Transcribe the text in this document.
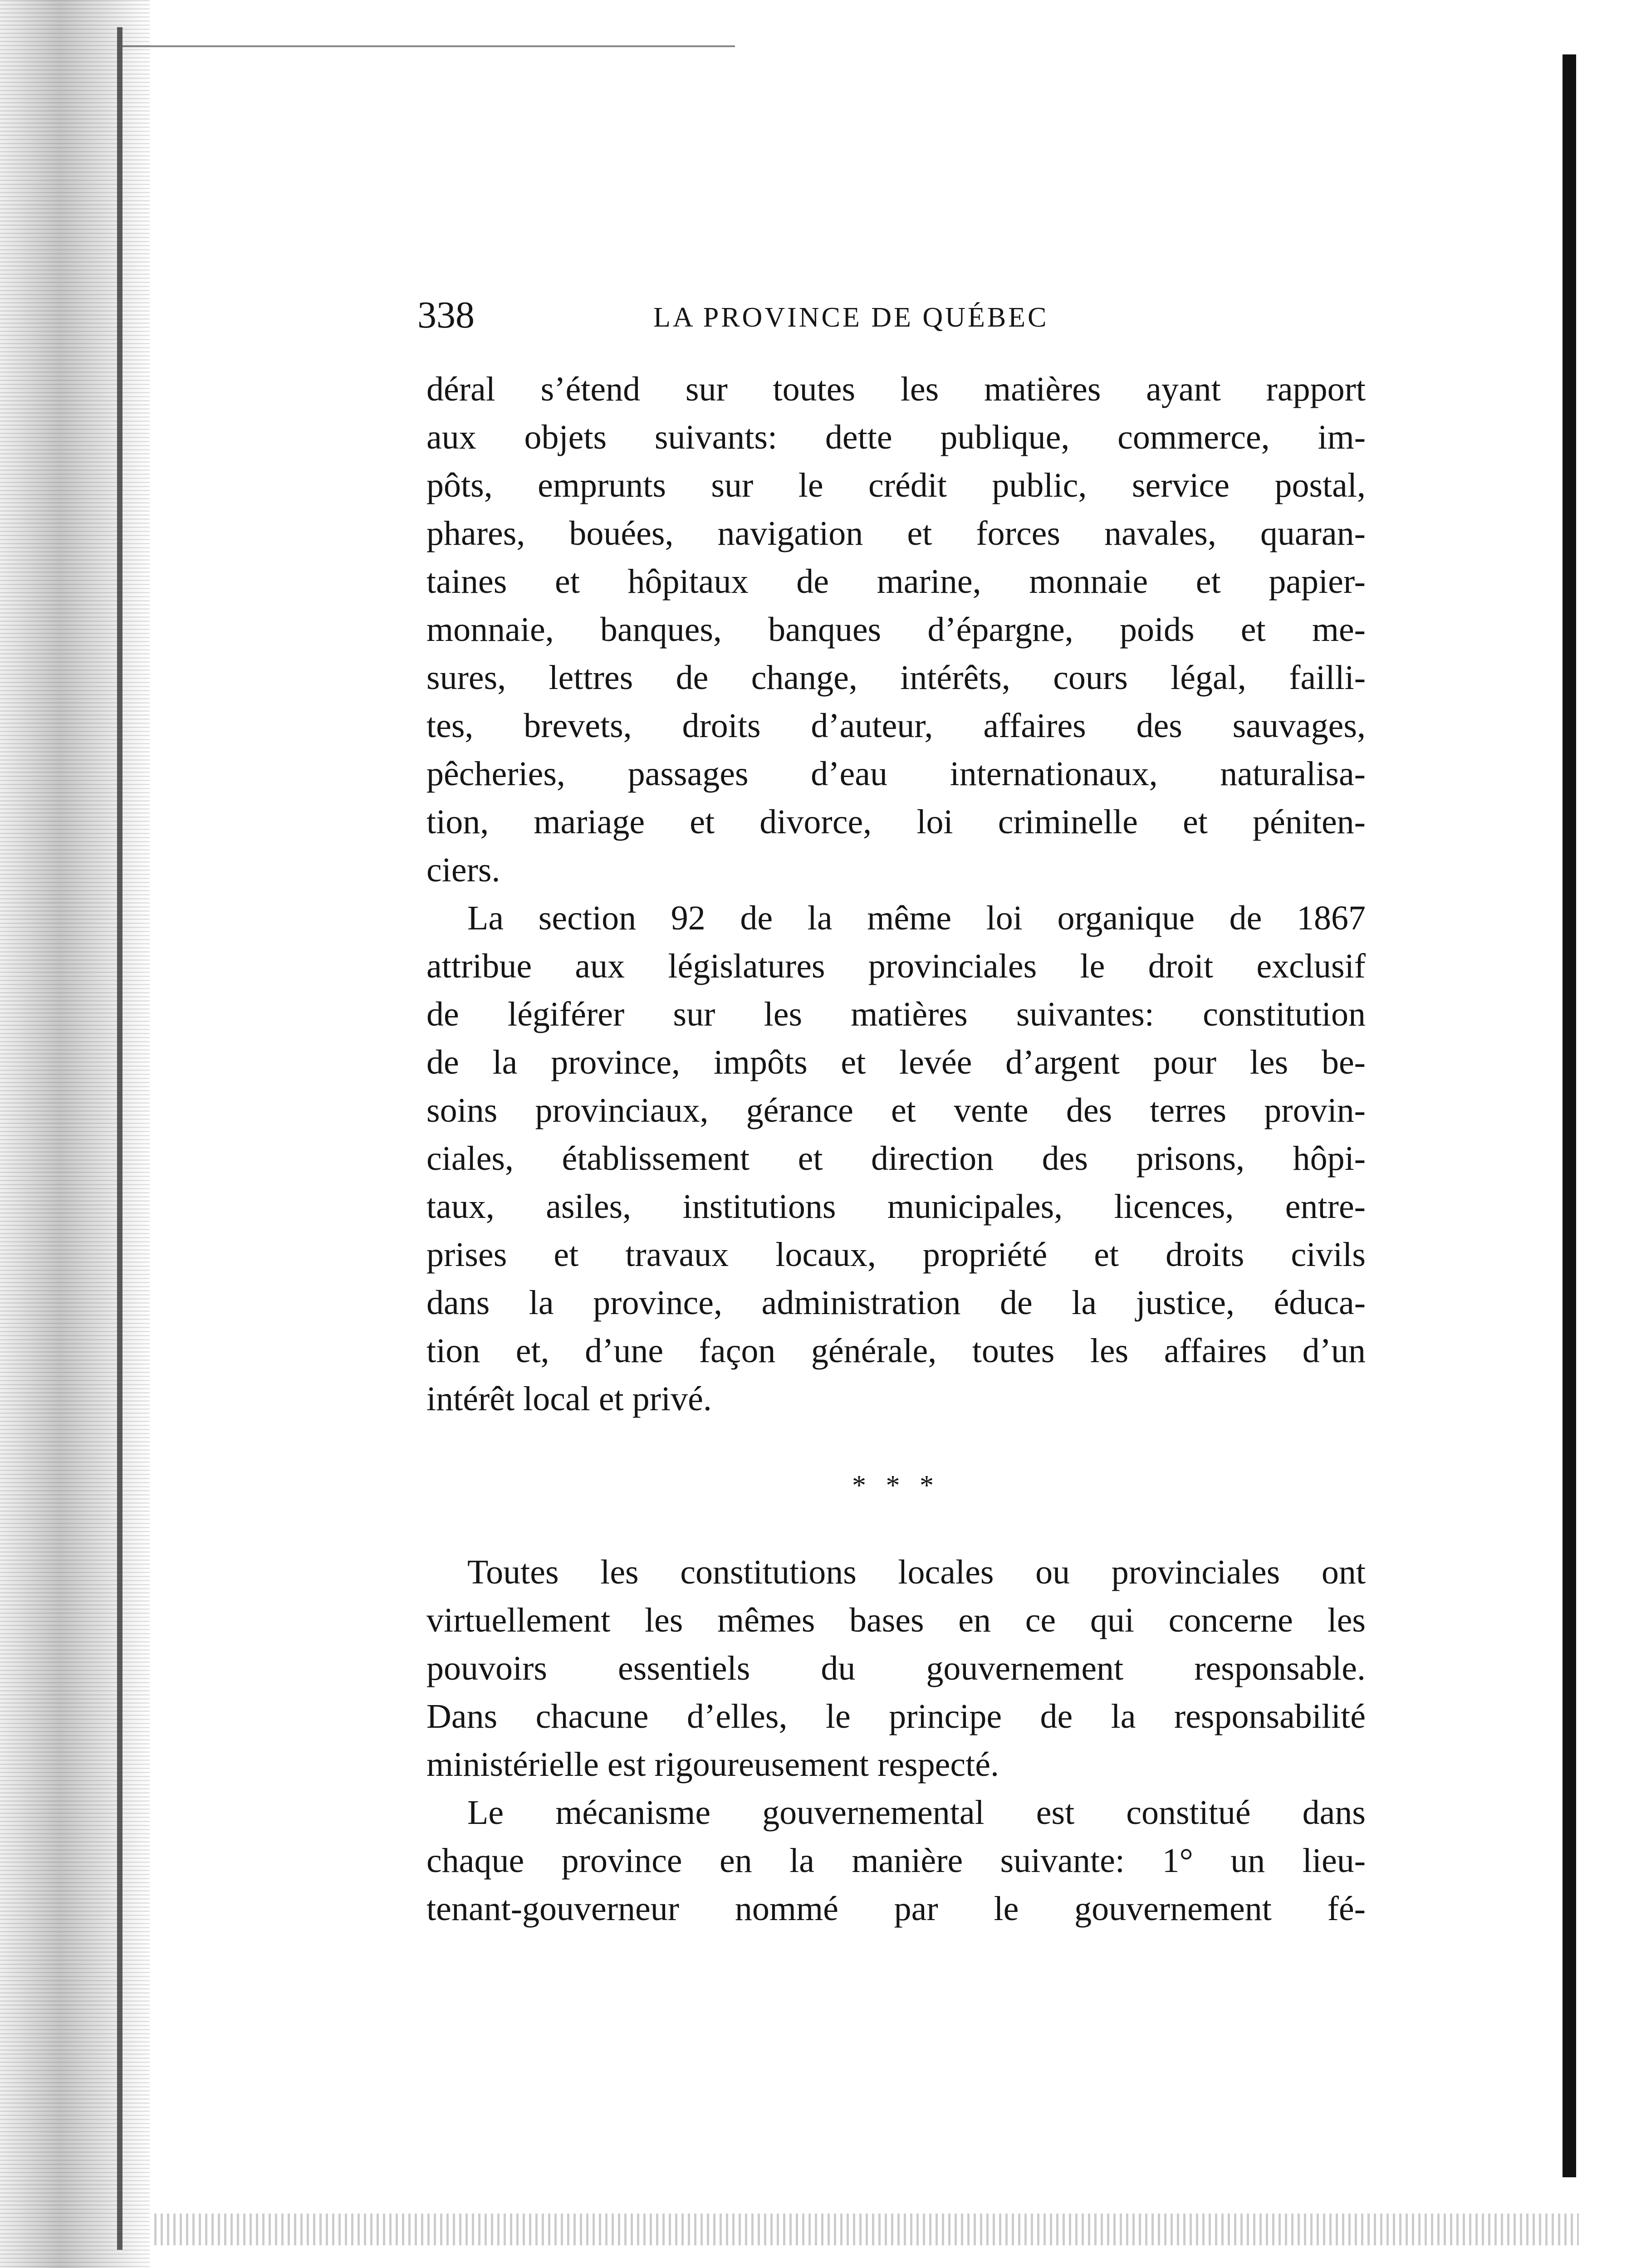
338	LA PROVINCE DE QUÉBEC
déral s’étend sur toutes les matières ayant rapport
aux objets suivants: dette publique, commerce, im-
pôts, emprunts sur le crédit public, service postal,
phares, bouées, navigation et forces navales, quaran-
taines et hôpitaux de marine, monnaie et papier-
monnaie, banques, banques d’épargne, poids et me-
sures, lettres de change, intérêts, cours légal, failli-
tes, brevets, droits d’auteur, affaires des sauvages,
pêcheries, passages d’eau internationaux, naturalisa-
tion, mariage et divorce, loi criminelle et péniten-
ciers.
La section 92 de la même loi organique de 1867
attribue aux législatures provinciales le droit exclusif
de légiférer sur les matières suivantes: constitution
de la province, impôts et levée d’argent pour les be-
soins provinciaux, gérance et vente des terres provin-
ciales, établissement et direction des prisons, hôpi-
taux, asiles, institutions municipales, licences, entre-
prises et travaux locaux, propriété et droits civils
dans la province, administration de la justice, éduca-
tion et, d’une façon générale, toutes les affaires d’un
intérêt local et privé.
* * *
Toutes les constitutions locales ou provinciales ont
virtuellement les mêmes bases en ce qui concerne les
pouvoirs essentiels du gouvernement responsable.
Dans chacune d’elles, le principe de la responsabilité
ministérielle est rigoureusement respecté.
Le mécanisme gouvernemental est constitué dans
chaque province en la manière suivante: 1° un lieu-
tenant-gouverneur nommé par le gouvernement fé-
